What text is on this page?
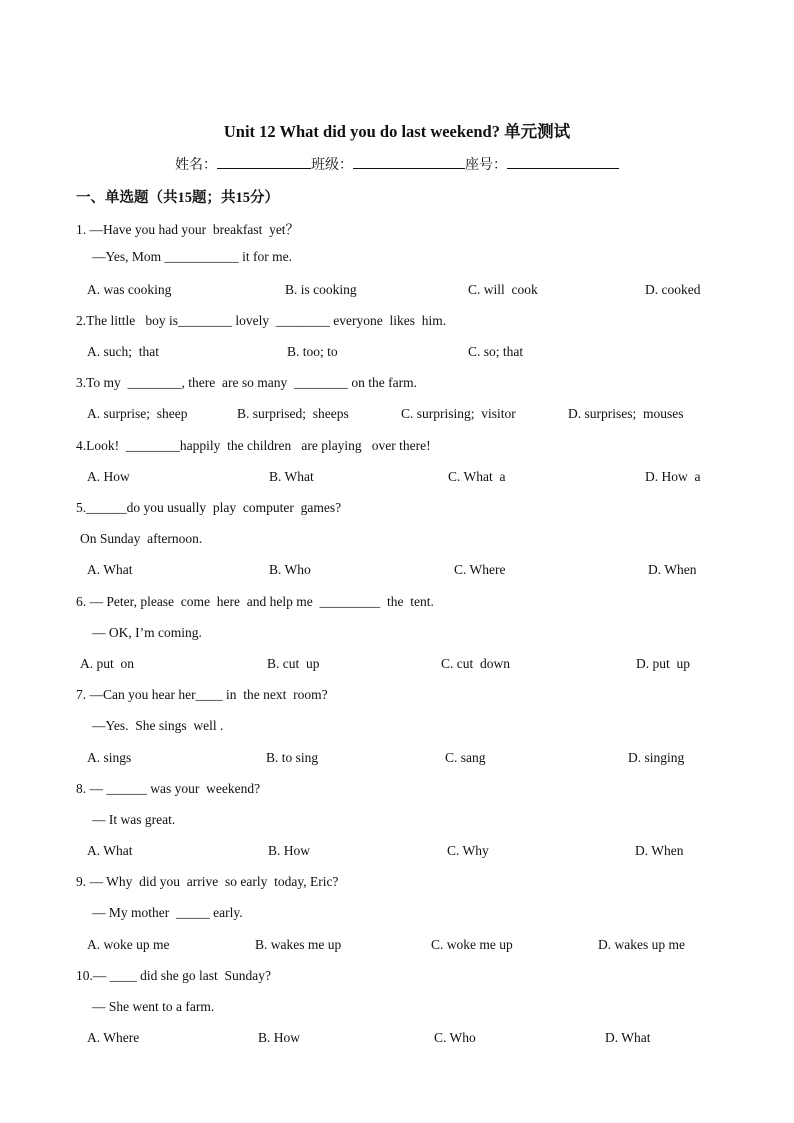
Unit 12 What did you do last weekend? 单元测试
姓名：	班级：	座号：
一、单选题（共15题；共15分）
1. —Have you had your  breakfast  yet？
—Yes, Mom ___________ it for me.
A. was cooking	B. is cooking	C. will  cook	D. cooked
2.The little   boy is________ lovely  ________ everyone  likes  him.
A. such;  that	B. too; to	C. so; that
3.To my  ________, there  are so many  ________ on the farm.
A. surprise;  sheep	B. surprised;  sheeps	C. surprising;  visitor	D. surprises;  mouses
4.Look!  ________happily  the children   are playing   over there!
A. How	B. What	C. What  a	D. How  a
5.______do you usually  play  computer  games?
On Sunday  afternoon.
A. What	B. Who	C. Where	D. When
6. — Peter, please  come  here  and help me  _________  the  tent.
— OK, I’m coming.
A. put  on	B. cut  up	C. cut  down	D. put  up
7. —Can you hear her____ in  the next  room?
—Yes.  She sings  well .
A. sings	B. to sing	C. sang	D. singing
8. — ______ was your  weekend?
— It was great.
A. What	B. How	C. Why	D. When
9. — Why  did you  arrive  so early  today, Eric?
— My mother  _____ early.
A. woke up me	B. wakes me up	C. woke me up	D. wakes up me
10.— ____ did she go last  Sunday?
— She went to a farm.
A. Where	B. How	C. Who	D. What
